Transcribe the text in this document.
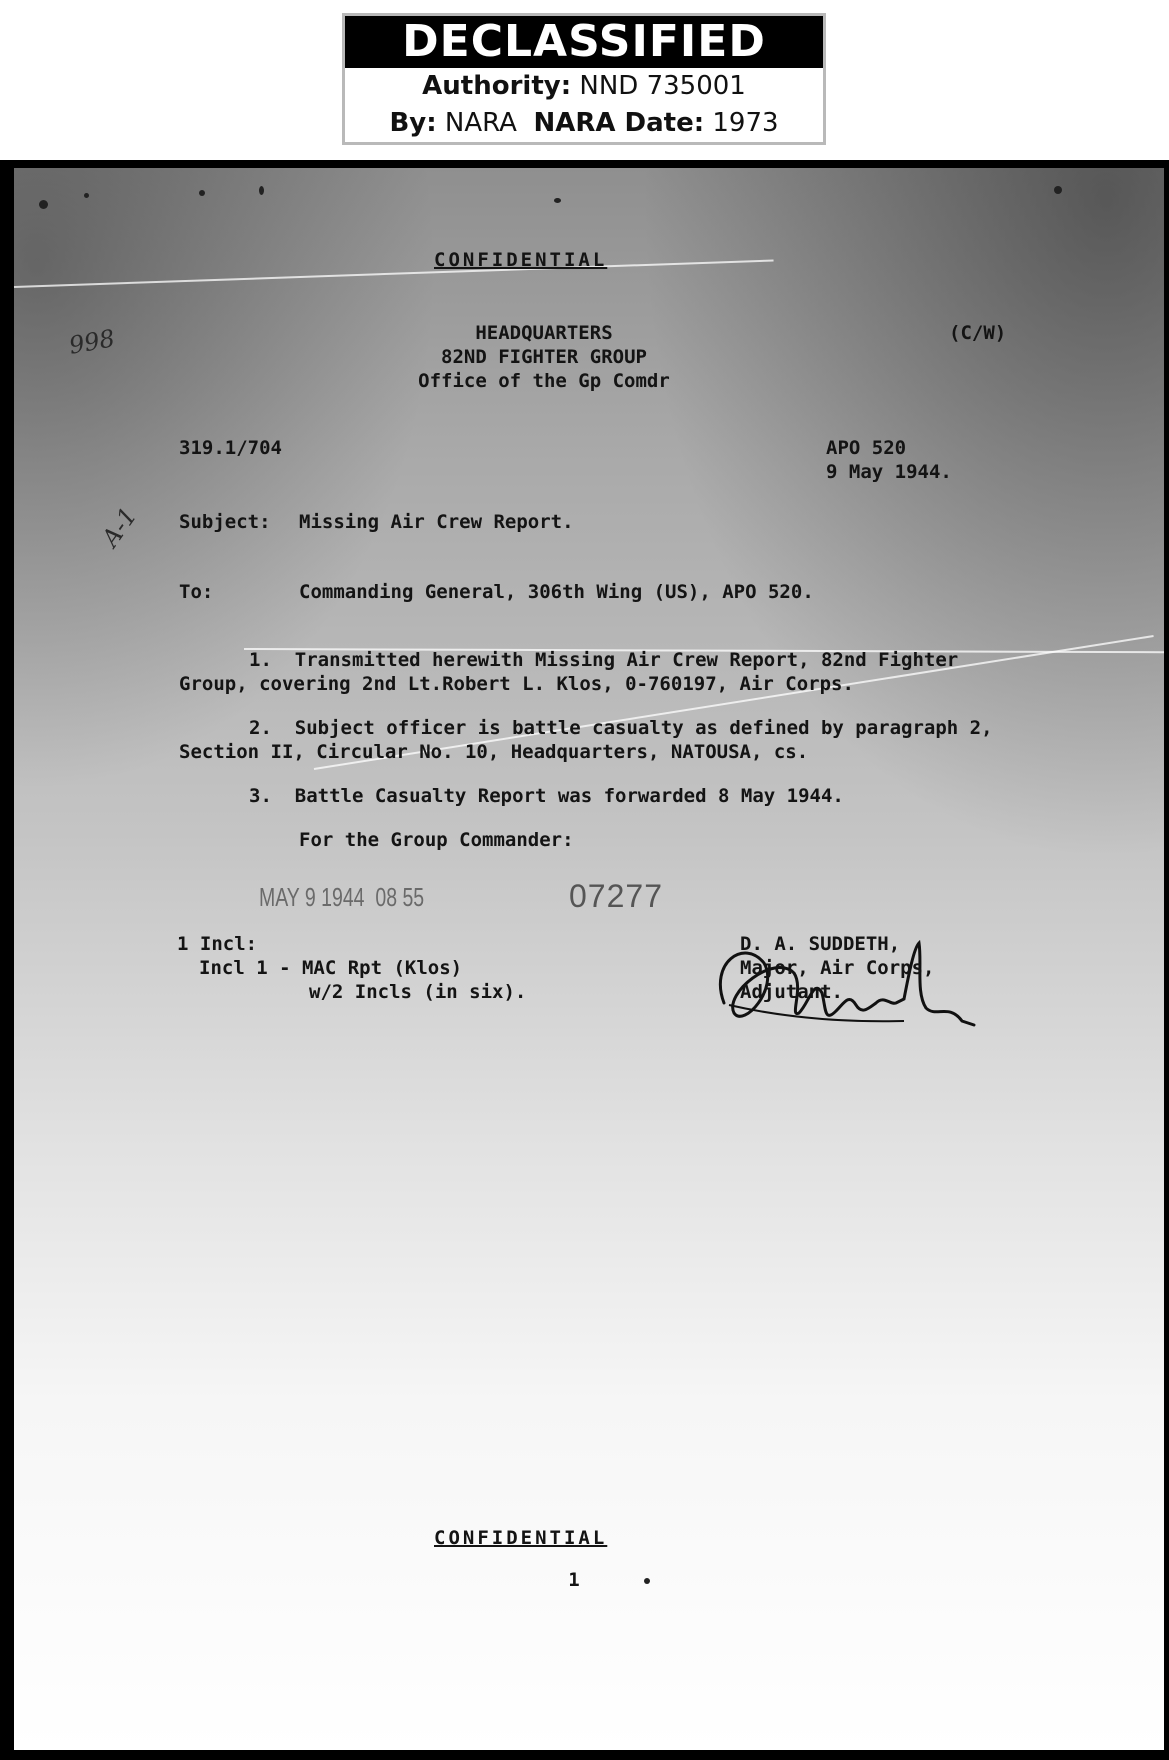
DECLASSIFIED
Authority: NND 735001
By: NARA NARA Date: 1973
CONFIDENTIAL
998
A-1
HEADQUARTERS
82ND FIGHTER GROUP
Office of the Gp Comdr
(C/W)
319.1/704	APO 520
9 May 1944.
Subject: Missing Air Crew Report.
To:	Commanding General, 306th Wing (US), APO 520.
1.  Transmitted herewith Missing Air Crew Report, 82nd Fighter
Group, covering 2nd Lt.Robert L. Klos, 0-760197, Air Corps.
2.  Subject officer is battle casualty as defined by paragraph 2,
Section II, Circular No. 10, Headquarters, NATOUSA, cs.
3.  Battle Casualty Report was forwarded 8 May 1944.
For the Group Commander:
MAY 9 1944  08 55	07277
1 Incl:
Incl 1 - MAC Rpt (Klos)
w/2 Incls (in six).
D. A. SUDDETH,
Major, Air Corps,
Adjutant.
CONFIDENTIAL
1
